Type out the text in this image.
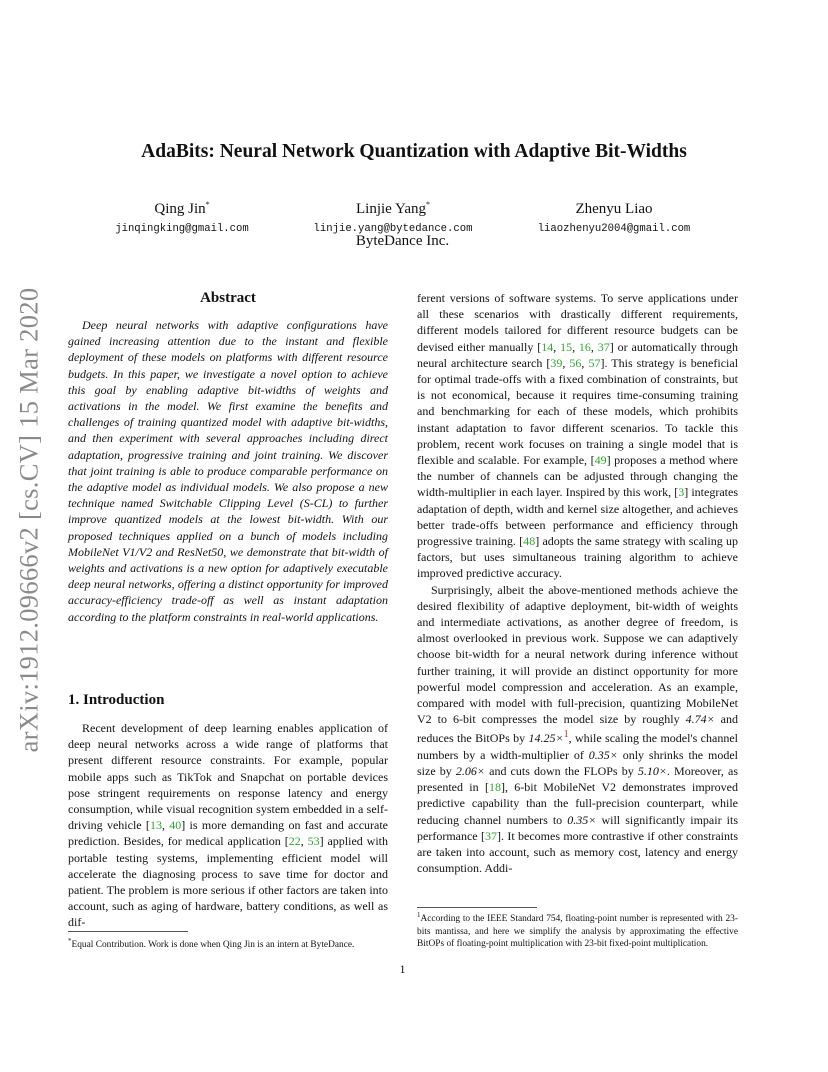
arXiv:1912.09666v2 [cs.CV] 15 Mar 2020
AdaBits: Neural Network Quantization with Adaptive Bit-Widths
Qing Jin*
jinqingking@gmail.com
Linjie Yang*
linjie.yang@bytedance.com
Zhenyu Liao
liaozhenyu2004@gmail.com
ByteDance Inc.
Abstract

Deep neural networks with adaptive configurations have gained increasing attention due to the instant and flexible deployment of these models on platforms with different resource budgets. In this paper, we investigate a novel option to achieve this goal by enabling adaptive bit-widths of weights and activations in the model. We first examine the benefits and challenges of training quantized model with adaptive bit-widths, and then experiment with several approaches including direct adaptation, progressive training and joint training. We discover that joint training is able to produce comparable performance on the adaptive model as individual models. We also propose a new technique named Switchable Clipping Level (S-CL) to further improve quantized models at the lowest bit-width. With our proposed techniques applied on a bunch of models including MobileNet V1/V2 and ResNet50, we demonstrate that bit-width of weights and activations is a new option for adaptively executable deep neural networks, offering a distinct opportunity for improved accuracy-efficiency trade-off as well as instant adaptation according to the platform constraints in real-world applications.

1. Introduction

Recent development of deep learning enables application of deep neural networks across a wide range of platforms that present different resource constraints. For example, popular mobile apps such as TikTok and Snapchat on portable devices pose stringent requirements on response latency and energy consumption, while visual recognition system embedded in a self-driving vehicle [13, 40] is more demanding on fast and accurate prediction. Besides, for medical application [22, 53] applied with portable testing systems, implementing efficient model will accelerate the diagnosing process to save time for doctor and patient. The problem is more serious if other factors are taken into account, such as aging of hardware, battery conditions, as well as dif-

*Equal Contribution. Work is done when Qing Jin is an intern at ByteDance.

ferent versions of software systems. To serve applications under all these scenarios with drastically different requirements, different models tailored for different resource budgets can be devised either manually [14, 15, 16, 37] or automatically through neural architecture search [39, 56, 57]. This strategy is beneficial for optimal trade-offs with a fixed combination of constraints, but is not economical, because it requires time-consuming training and benchmarking for each of these models, which prohibits instant adaptation to favor different scenarios. To tackle this problem, recent work focuses on training a single model that is flexible and scalable. For example, [49] proposes a method where the number of channels can be adjusted through changing the width-multiplier in each layer. Inspired by this work, [3] integrates adaptation of depth, width and kernel size altogether, and achieves better trade-offs between performance and efficiency through progressive training. [48] adopts the same strategy with scaling up factors, but uses simultaneous training algorithm to achieve improved predictive accuracy.

Surprisingly, albeit the above-mentioned methods achieve the desired flexibility of adaptive deployment, bit-width of weights and intermediate activations, as another degree of freedom, is almost overlooked in previous work. Suppose we can adaptively choose bit-width for a neural network during inference without further training, it will provide an distinct opportunity for more powerful model compression and acceleration. As an example, compared with model with full-precision, quantizing MobileNet V2 to 6-bit compresses the model size by roughly 4.74× and reduces the BitOPs by 14.25×$^1$, while scaling the model's channel numbers by a width-multiplier of 0.35× only shrinks the model size by 2.06× and cuts down the FLOPs by 5.10×. Moreover, as presented in [18], 6-bit MobileNet V2 demonstrates improved predictive capability than the full-precision counterpart, while reducing channel numbers to 0.35× will significantly impair its performance [37]. It becomes more contrastive if other constraints are taken into account, such as memory cost, latency and energy consumption. Addi-

$^1$According to the IEEE Standard 754, floating-point number is represented with 23-bits mantissa, and here we simplify the analysis by approximating the effective BitOPs of floating-point multiplication with 23-bit fixed-point multiplication.

1
